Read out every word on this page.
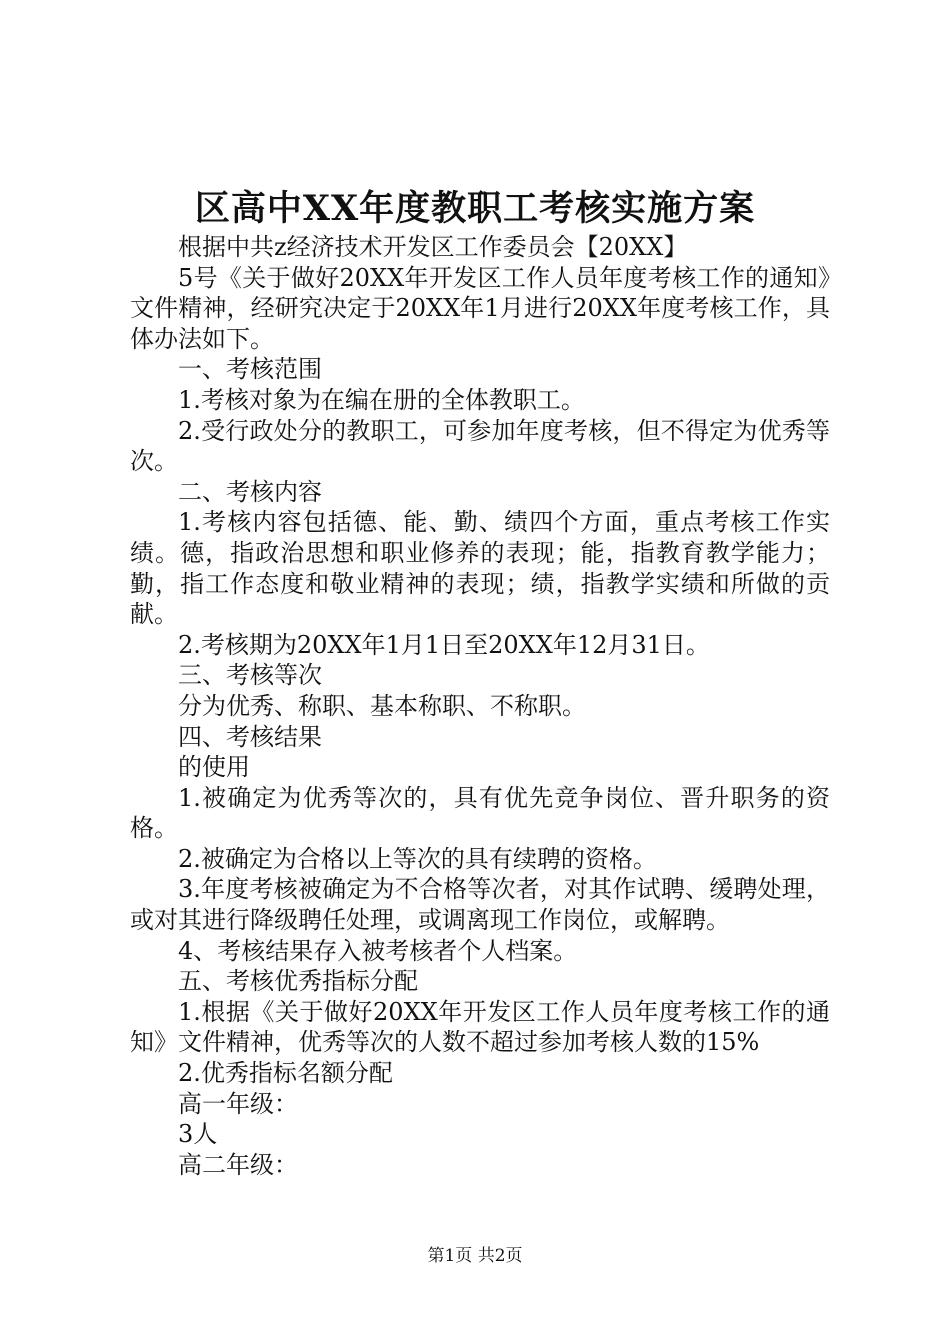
区高中XX年度教职工考核实施方案

根据中共z经济技术开发区工作委员会【20XX】

5号《关于做好20XX年开发区工作人员年度考核工作的通知》文件精神，经研究决定于20XX年1月进行20XX年度考核工作，具体办法如下。

一、考核范围

1.考核对象为在编在册的全体教职工。

2.受行政处分的教职工，可参加年度考核，但不得定为优秀等次。

二、考核内容

1.考核内容包括德、能、勤、绩四个方面，重点考核工作实绩。德，指政治思想和职业修养的表现；能，指教育教学能力；勤，指工作态度和敬业精神的表现；绩，指教学实绩和所做的贡献。

2.考核期为20XX年1月1日至20XX年12月31日。

三、考核等次

分为优秀、称职、基本称职、不称职。

四、考核结果

的使用

1.被确定为优秀等次的，具有优先竞争岗位、晋升职务的资格。

2.被确定为合格以上等次的具有续聘的资格。

3.年度考核被确定为不合格等次者，对其作试聘、缓聘处理，或对其进行降级聘任处理，或调离现工作岗位，或解聘。

4、考核结果存入被考核者个人档案。

五、考核优秀指标分配

1.根据《关于做好20XX年开发区工作人员年度考核工作的通知》文件精神，优秀等次的人数不超过参加考核人数的15%

2.优秀指标名额分配

高一年级：

3人

高二年级：

第1页 共2页
